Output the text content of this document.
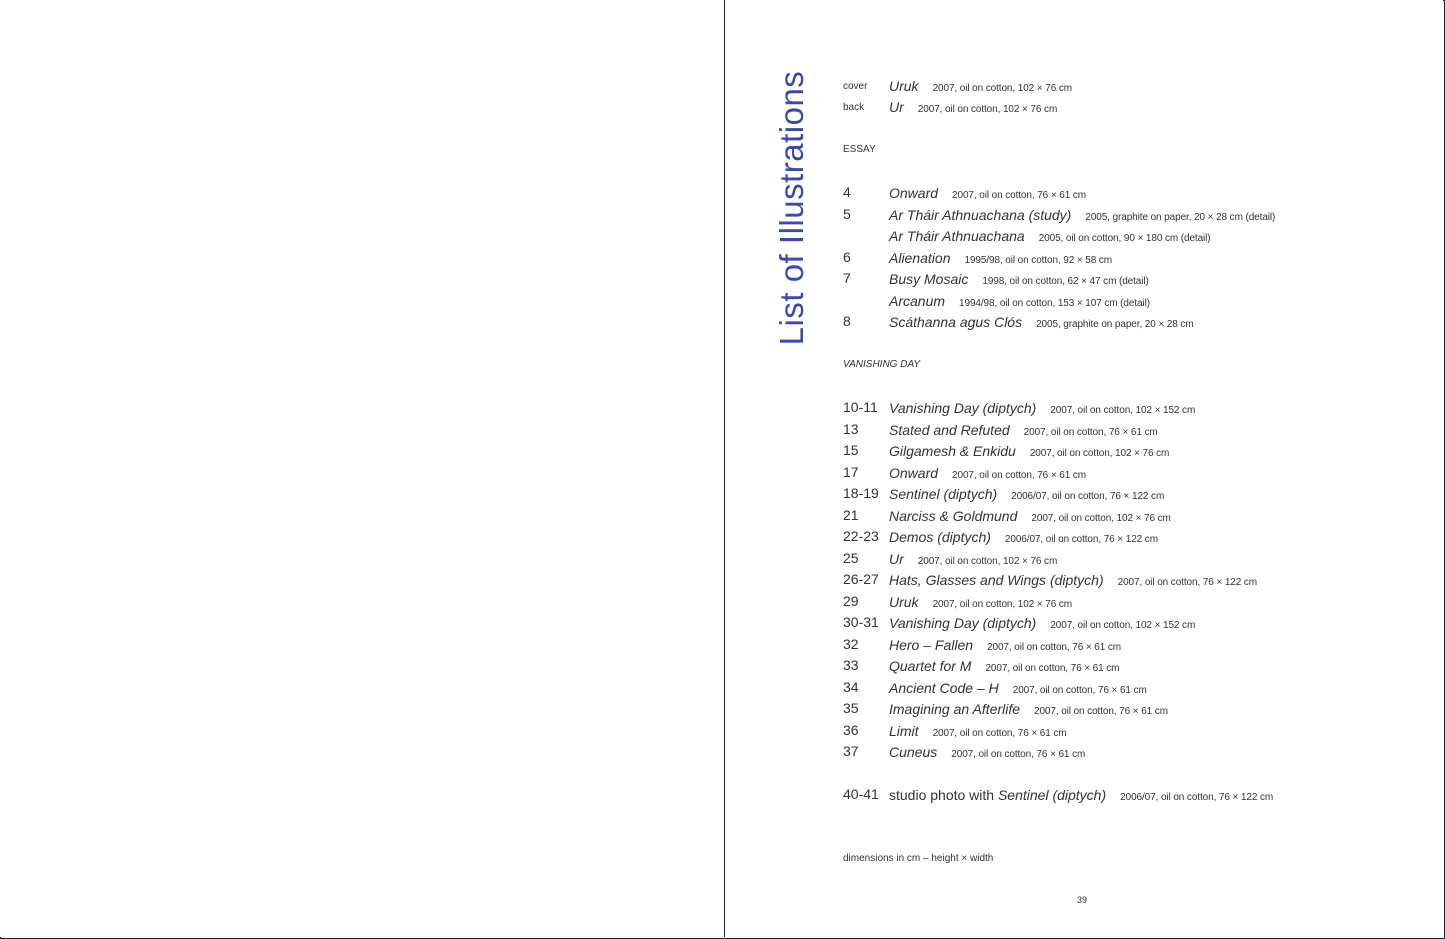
List of Illustrations	cover Uruk 2007, oil on cotton, 102 × 76 cm
back Ur 2007, oil on cotton, 102 × 76 cm
ESSAY
4	Onward 2007, oil on cotton, 76 × 61 cm
5	Ar Tháir Athnuachana (study) 2005, graphite on paper, 20 × 28 cm (detail)
Ar Tháir Athnuachana 2005, oil on cotton, 90 × 180 cm (detail)
6	Alienation 1995/98, oil on cotton, 92 × 58 cm
7	Busy Mosaic 1998, oil on cotton, 62 × 47 cm (detail)
Arcanum 1994/98, oil on cotton, 153 × 107 cm (detail)
8	Scáthanna agus Clós 2005, graphite on paper, 20 × 28 cm
VANISHING DAY
10-11 Vanishing Day (diptych) 2007, oil on cotton, 102 × 152 cm
13 Stated and Refuted 2007, oil on cotton, 76 × 61 cm
15 Gilgamesh & Enkidu 2007, oil on cotton, 102 × 76 cm
17 Onward 2007, oil on cotton, 76 × 61 cm
18-19 Sentinel (diptych) 2006/07, oil on cotton, 76 × 122 cm
21 Narciss & Goldmund 2007, oil on cotton, 102 × 76 cm
22-23 Demos (diptych) 2006/07, oil on cotton, 76 × 122 cm
25 Ur 2007, oil on cotton, 102 × 76 cm
26-27 Hats, Glasses and Wings (diptych) 2007, oil on cotton, 76 × 122 cm
29 Uruk 2007, oil on cotton, 102 × 76 cm
30-31 Vanishing Day (diptych) 2007, oil on cotton, 102 × 152 cm
32 Hero – Fallen 2007, oil on cotton, 76 × 61 cm
33 Quartet for M 2007, oil on cotton, 76 × 61 cm
34 Ancient Code – H 2007, oil on cotton, 76 × 61 cm
35 Imagining an Afterlife 2007, oil on cotton, 76 × 61 cm
36 Limit 2007, oil on cotton, 76 × 61 cm
37 Cuneus 2007, oil on cotton, 76 × 61 cm
40-41 studio photo with Sentinel (diptych) 2006/07, oil on cotton, 76 × 122 cm
dimensions in cm – height × width
39
